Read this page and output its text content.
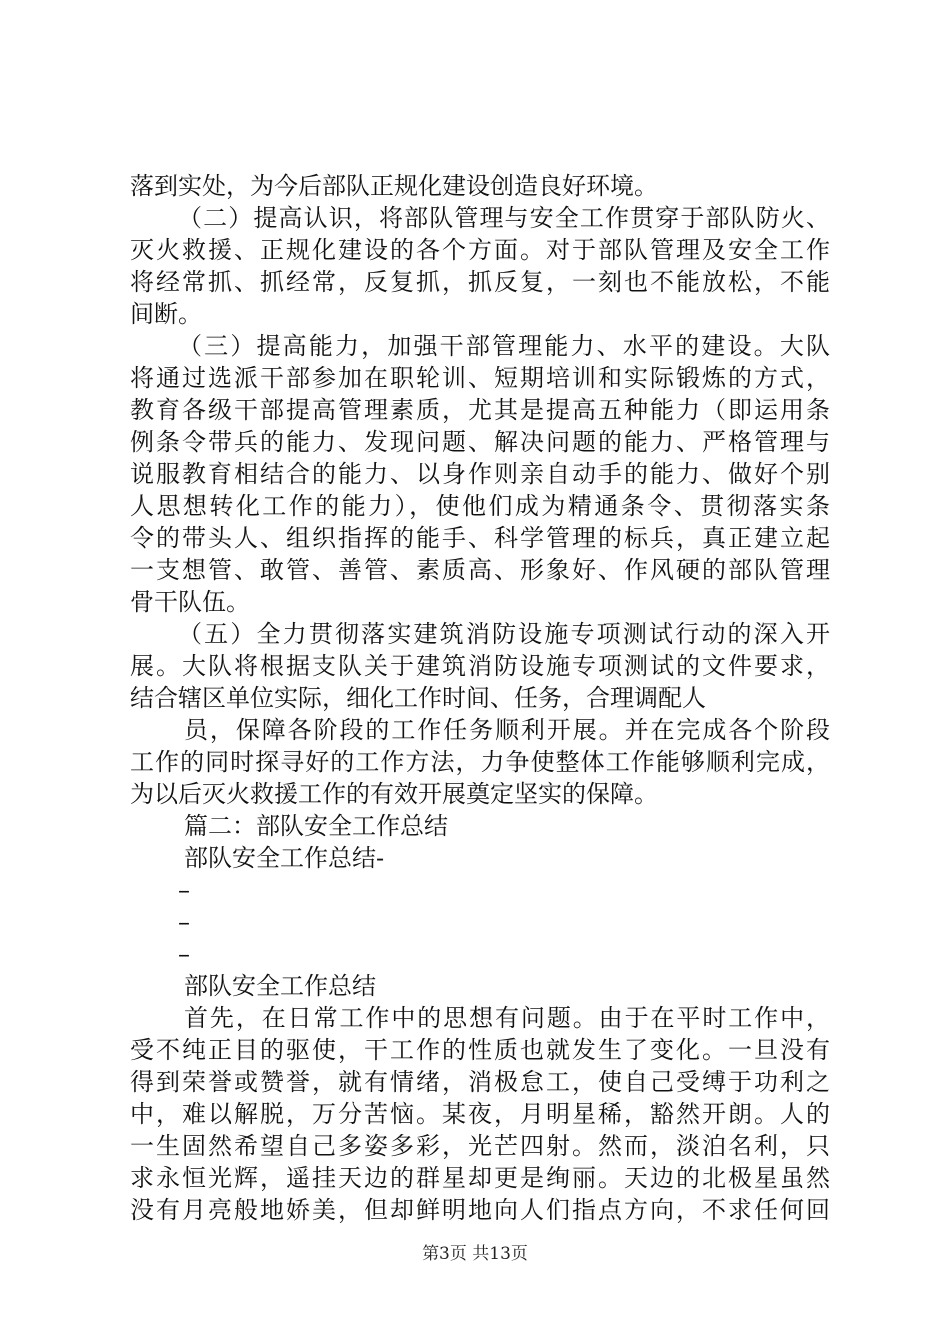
落到实处，为今后部队正规化建设创造良好环境。
（二）提高认识，将部队管理与安全工作贯穿于部队防火、
灭火救援、正规化建设的各个方面。对于部队管理及安全工作
将经常抓、抓经常，反复抓，抓反复，一刻也不能放松，不能
间断。
（三）提高能力，加强干部管理能力、水平的建设。大队
将通过选派干部参加在职轮训、短期培训和实际锻炼的方式，
教育各级干部提高管理素质，尤其是提高五种能力（即运用条
例条令带兵的能力、发现问题、解决问题的能力、严格管理与
说服教育相结合的能力、以身作则亲自动手的能力、做好个别
人思想转化工作的能力），使他们成为精通条令、贯彻落实条
令的带头人、组织指挥的能手、科学管理的标兵，真正建立起
一支想管、敢管、善管、素质高、形象好、作风硬的部队管理
骨干队伍。
（五）全力贯彻落实建筑消防设施专项测试行动的深入开
展。大队将根据支队关于建筑消防设施专项测试的文件要求，
结合辖区单位实际，细化工作时间、任务，合理调配人
员，保障各阶段的工作任务顺利开展。并在完成各个阶段
工作的同时探寻好的工作方法，力争使整体工作能够顺利完成，
为以后灭火救援工作的有效开展奠定坚实的保障。
篇二：部队安全工作总结
部队安全工作总结-
–
–
–
部队安全工作总结
首先，在日常工作中的思想有问题。由于在平时工作中，
受不纯正目的驱使，干工作的性质也就发生了变化。一旦没有
得到荣誉或赞誉，就有情绪，消极怠工，使自己受缚于功利之
中，难以解脱，万分苦恼。某夜，月明星稀，豁然开朗。人的
一生固然希望自己多姿多彩，光芒四射。然而，淡泊名利，只
求永恒光辉，遥挂天边的群星却更是绚丽。天边的北极星虽然
没有月亮般地娇美，但却鲜明地向人们指点方向，不求任何回
第3页 共13页
